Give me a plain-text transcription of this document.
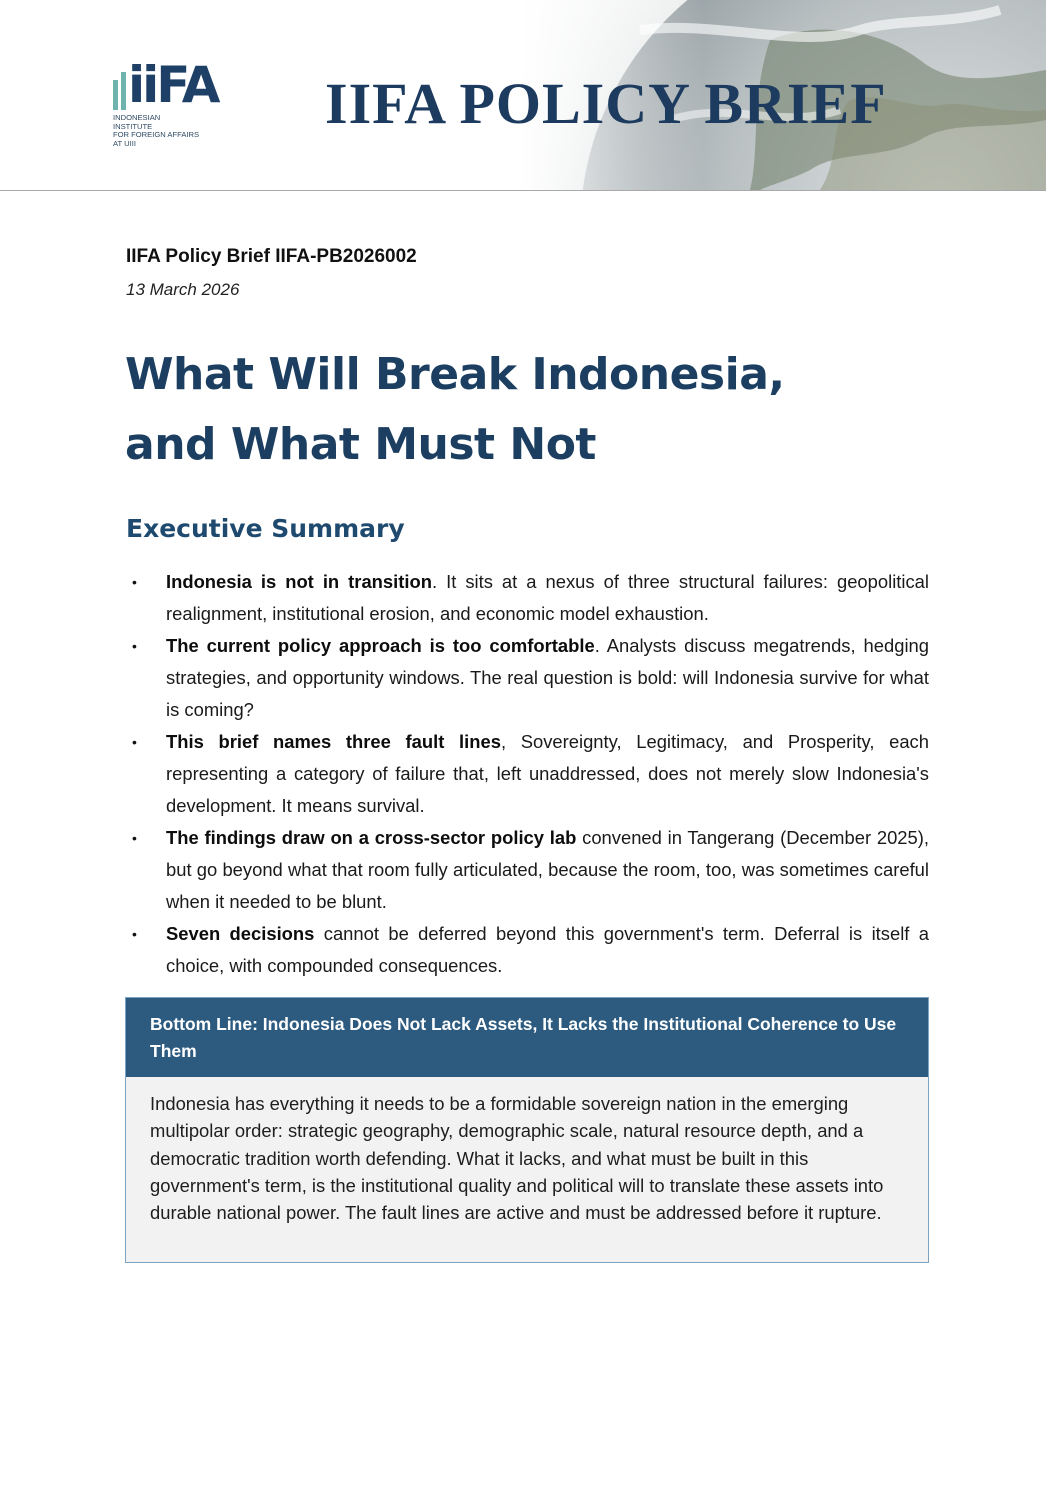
iiFA
INDONESIAN
INSTITUTE
FOR FOREIGN AFFAIRS
AT UIII
IIFA POLICY BRIEF
IIFA Policy Brief IIFA-PB2026002
13 March 2026
What Will Break Indonesia,
and What Must Not
Executive Summary
• Indonesia is not in transition. It sits at a nexus of three structural failures: geopolitical realignment, institutional erosion, and economic model exhaustion.
• The current policy approach is too comfortable. Analysts discuss megatrends, hedging strategies, and opportunity windows. The real question is bold: will Indonesia survive for what is coming?
• This brief names three fault lines, Sovereignty, Legitimacy, and Prosperity, each representing a category of failure that, left unaddressed, does not merely slow Indonesia's development. It means survival.
• The findings draw on a cross-sector policy lab convened in Tangerang (December 2025), but go beyond what that room fully articulated, because the room, too, was sometimes careful when it needed to be blunt.
• Seven decisions cannot be deferred beyond this government's term. Deferral is itself a choice, with compounded consequences.
Bottom Line: Indonesia Does Not Lack Assets, It Lacks the Institutional Coherence to Use Them
Indonesia has everything it needs to be a formidable sovereign nation in the emerging multipolar order: strategic geography, demographic scale, natural resource depth, and a democratic tradition worth defending. What it lacks, and what must be built in this government's term, is the institutional quality and political will to translate these assets into durable national power. The fault lines are active and must be addressed before it rupture.
